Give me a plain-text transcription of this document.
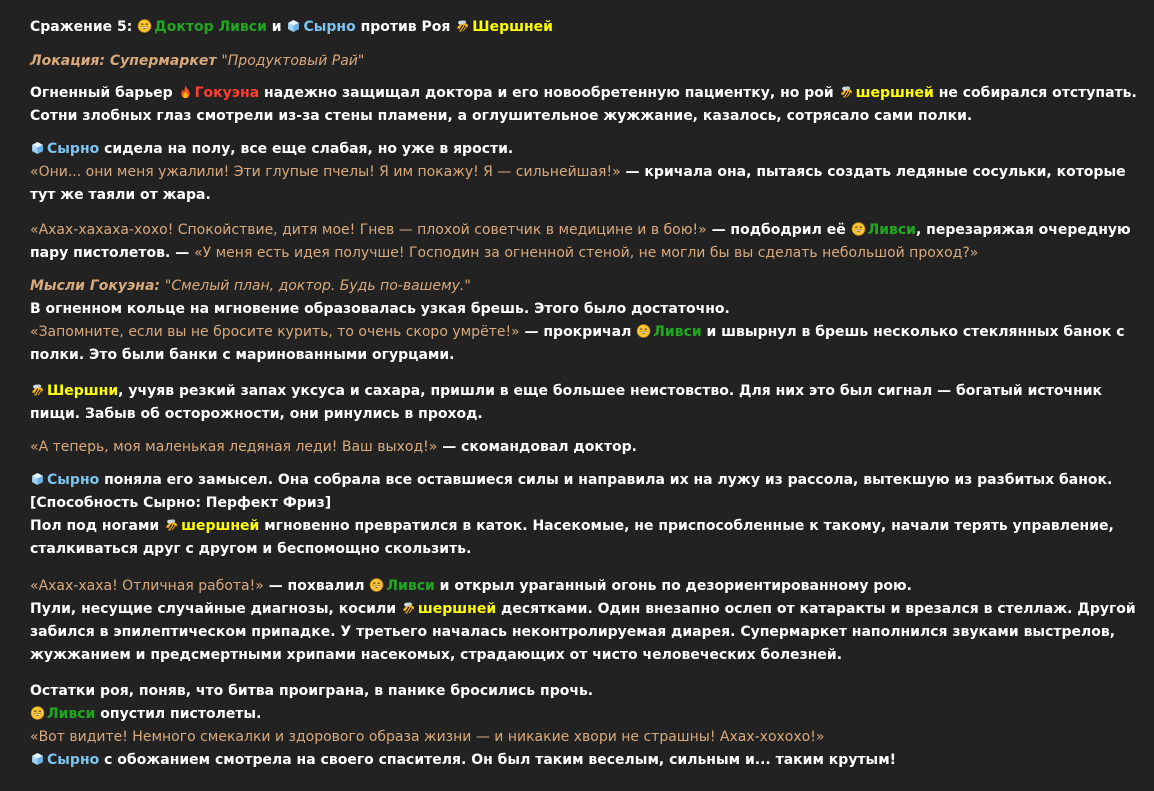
Сражение 5: Доктор Ливси и Сырно против Роя Шершней

Локация: Супермаркет "Продуктовый Рай"

Огненный барьер Гокуэна надежно защищал доктора и его новообретенную пациентку, но рой шершней не собирался отступать. Сотни злобных глаз смотрели из-за стены пламени, а оглушительное жужжание, казалось, сотрясало сами полки.

Сырно сидела на полу, все еще слабая, но уже в ярости.
«Они... они меня ужалили! Эти глупые пчелы! Я им покажу! Я — сильнейшая!» — кричала она, пытаясь создать ледяные сосульки, которые тут же таяли от жара.

«Ахах-хахаха-хохо! Спокойствие, дитя мое! Гнев — плохой советчик в медицине и в бою!» — подбодрил её Ливси, перезаряжая очередную пару пистолетов. — «У меня есть идея получше! Господин за огненной стеной, не могли бы вы сделать небольшой проход?»

Мысли Гокуэна: "Смелый план, доктор. Будь по-вашему."
В огненном кольце на мгновение образовалась узкая брешь. Этого было достаточно.
«Запомните, если вы не бросите курить, то очень скоро умрёте!» — прокричал Ливси и швырнул в брешь несколько стеклянных банок с полки. Это были банки с маринованными огурцами.

Шершни, учуяв резкий запах уксуса и сахара, пришли в еще большее неистовство. Для них это был сигнал — богатый источник пищи. Забыв об осторожности, они ринулись в проход.

«А теперь, моя маленькая ледяная леди! Ваш выход!» — скомандовал доктор.

Сырно поняла его замысел. Она собрала все оставшиеся силы и направила их на лужу из рассола, вытекшую из разбитых банок.
[Способность Сырно: Перфект Фриз]
Пол под ногами шершней мгновенно превратился в каток. Насекомые, не приспособленные к такому, начали терять управление, сталкиваться друг с другом и беспомощно скользить.

«Ахах-хаха! Отличная работа!» — похвалил Ливси и открыл ураганный огонь по дезориентированному рою.
Пули, несущие случайные диагнозы, косили шершней десятками. Один внезапно ослеп от катаракты и врезался в стеллаж. Другой забился в эпилептическом припадке. У третьего началась неконтролируемая диарея. Супермаркет наполнился звуками выстрелов, жужжанием и предсмертными хрипами насекомых, страдающих от чисто человеческих болезней.

Остатки роя, поняв, что битва проиграна, в панике бросились прочь.
Ливси опустил пистолеты.
«Вот видите! Немного смекалки и здорового образа жизни — и никакие хвори не страшны! Ахах-хохохо!»
Сырно с обожанием смотрела на своего спасителя. Он был таким веселым, сильным и... таким крутым!
